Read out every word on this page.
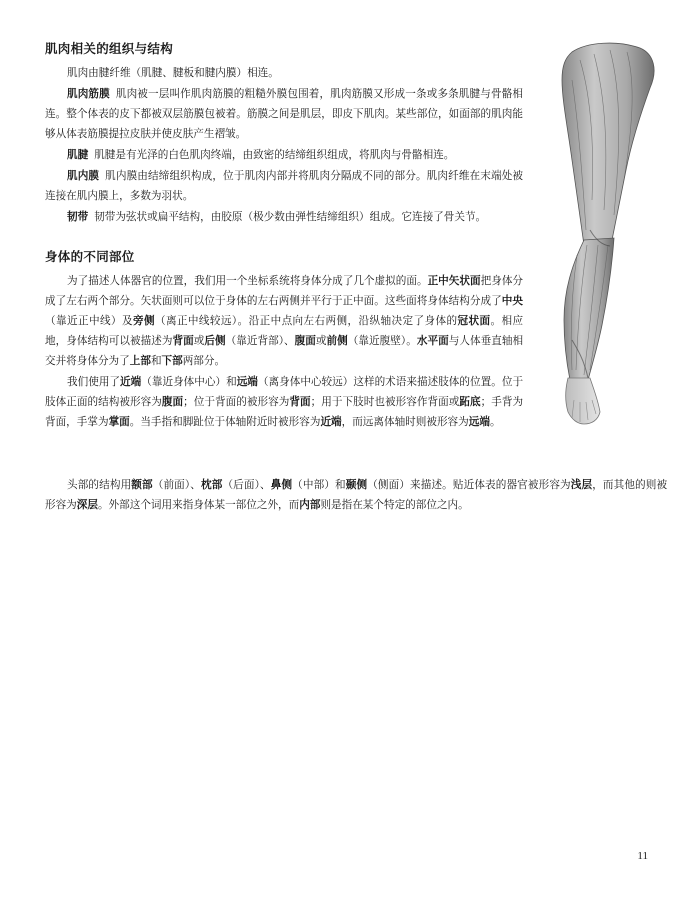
肌肉相关的组织与结构

肌肉由腱纤维（肌腱、腱板和腱内膜）相连。

肌肉筋膜 肌肉被一层叫作肌肉筋膜的粗糙外膜包围着，肌肉筋膜又形成一条或多条肌腱与骨骼相连。整个体表的皮下都被双层筋膜包被着。筋膜之间是肌层，即皮下肌肉。某些部位，如面部的肌肉能够从体表筋膜提拉皮肤并使皮肤产生褶皱。

肌腱 肌腱是有光泽的白色肌肉终端，由致密的结缔组织组成，将肌肉与骨骼相连。

肌内膜 肌内膜由结缔组织构成，位于肌肉内部并将肌肉分隔成不同的部分。肌肉纤维在末端处被连接在肌内膜上，多数为羽状。

韧带 韧带为弦状或扁平结构，由胶原（极少数由弹性结缔组织）组成。它连接了骨关节。

身体的不同部位

为了描述人体器官的位置，我们用一个坐标系统将身体分成了几个虚拟的面。正中矢状面把身体分成了左右两个部分。矢状面则可以位于身体的左右两侧并平行于正中面。这些面将身体结构分成了中央（靠近正中线）及旁侧（离正中线较远）。沿正中点向左右两侧，沿纵轴决定了身体的冠状面。相应地，身体结构可以被描述为背面或后侧（靠近背部）、腹面或前侧（靠近腹壁）。水平面与人体垂直轴相交并将身体分为了上部和下部两部分。

我们使用了近端（靠近身体中心）和远端（离身体中心较远）这样的术语来描述肢体的位置。位于肢体正面的结构被形容为腹面；位于背面的被形容为背面；用于下肢时也被形容作背面或跖底；手背为背面，手掌为掌面。当手指和脚趾位于体轴附近时被形容为近端，而远离体轴时则被形容为远端。

头部的结构用额部（前面）、枕部（后面）、鼻侧（中部）和颞侧（侧面）来描述。贴近体表的器官被形容为浅层，而其他的则被形容为深层。外部这个词用来指身体某一部位之外，而内部则是指在某个特定的部位之内。

11
